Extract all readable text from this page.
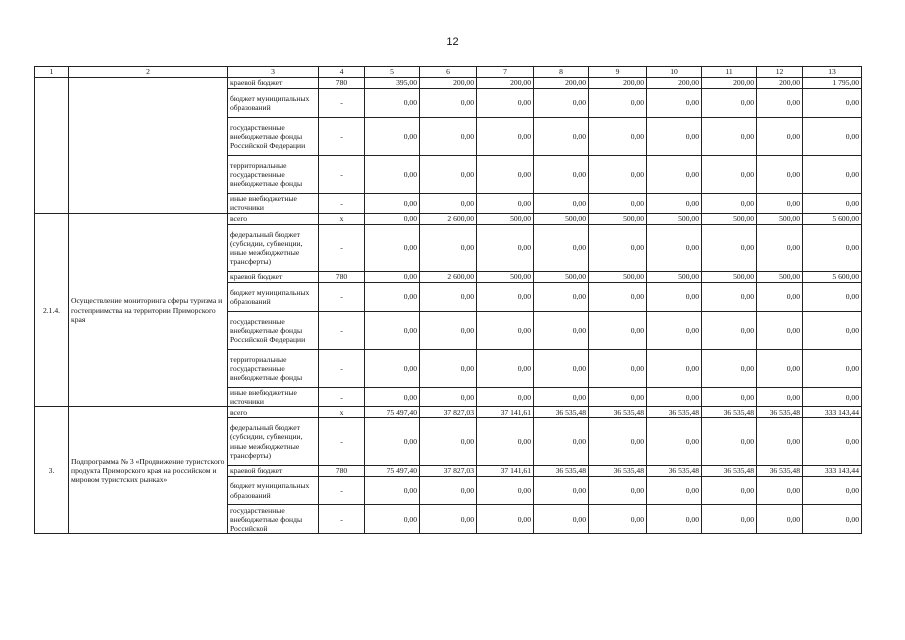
12
1	2	3	4	5	6	7	8	9	10	11	12	13
		краевой бюджет	780	395,00	200,00	200,00	200,00	200,00	200,00	200,00	200,00	1 795,00
		бюджет муниципальных образований	-	0,00	0,00	0,00	0,00	0,00	0,00	0,00	0,00	0,00
		государственные внебюджетные фонды Российской Федерации	-	0,00	0,00	0,00	0,00	0,00	0,00	0,00	0,00	0,00
		территориальные государственные внебюджетные фонды	-	0,00	0,00	0,00	0,00	0,00	0,00	0,00	0,00	0,00
		иные внебюджетные источники	-	0,00	0,00	0,00	0,00	0,00	0,00	0,00	0,00	0,00
2.1.4.	Осуществление мониторинга сферы туризма и гостеприимства на территории Приморского края	всего	x	0,00	2 600,00	500,00	500,00	500,00	500,00	500,00	500,00	5 600,00
		федеральный бюджет (субсидии, субвенции, иные межбюджетные трансферты)	-	0,00	0,00	0,00	0,00	0,00	0,00	0,00	0,00	0,00
		краевой бюджет	780	0,00	2 600,00	500,00	500,00	500,00	500,00	500,00	500,00	5 600,00
		бюджет муниципальных образований	-	0,00	0,00	0,00	0,00	0,00	0,00	0,00	0,00	0,00
		государственные внебюджетные фонды Российской Федерации	-	0,00	0,00	0,00	0,00	0,00	0,00	0,00	0,00	0,00
		территориальные государственные внебюджетные фонды	-	0,00	0,00	0,00	0,00	0,00	0,00	0,00	0,00	0,00
		иные внебюджетные источники	-	0,00	0,00	0,00	0,00	0,00	0,00	0,00	0,00	0,00
3.	Подпрограмма № 3 «Продвижение туристского продукта Приморского края на российском и мировом туристских рынках»	всего	x	75 497,40	37 827,03	37 141,61	36 535,48	36 535,48	36 535,48	36 535,48	36 535,48	333 143,44
		федеральный бюджет (субсидии, субвенции, иные межбюджетные трансферты)	-	0,00	0,00	0,00	0,00	0,00	0,00	0,00	0,00	0,00
		краевой бюджет	780	75 497,40	37 827,03	37 141,61	36 535,48	36 535,48	36 535,48	36 535,48	36 535,48	333 143,44
		бюджет муниципальных образований	-	0,00	0,00	0,00	0,00	0,00	0,00	0,00	0,00	0,00
		государственные внебюджетные фонды Российской	-	0,00	0,00	0,00	0,00	0,00	0,00	0,00	0,00	0,00
